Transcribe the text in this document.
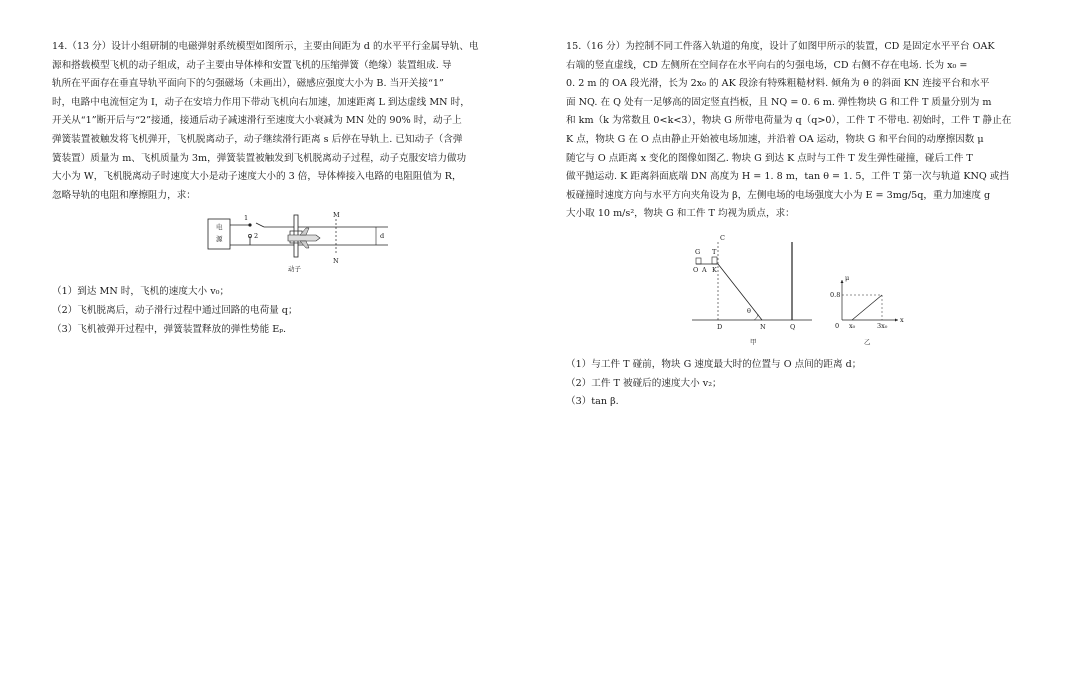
14.（13 分）设计小组研制的电磁弹射系统模型如图所示，主要由间距为 d 的水平平行金属导轨、电

源和搭载模型飞机的动子组成，动子主要由导体棒和安置飞机的压缩弹簧（绝缘）装置组成. 导

轨所在平面存在垂直导轨平面向下的匀强磁场（未画出），磁感应强度大小为 B. 当开关接“1”

时，电路中电流恒定为 I，动子在安培力作用下带动飞机向右加速，加速距离 L 到达虚线 MN 时，

开关从“1”断开后与“2”接通，接通后动子减速滑行至速度大小衰减为 MN 处的 90% 时，动子上

弹簧装置被触发将飞机弹开，飞机脱离动子，动子继续滑行距离 s 后停在导轨上. 已知动子（含弹

簧装置）质量为 m、飞机质量为 3m，弹簧装置被触发到飞机脱离动子过程，动子克服安培力做功

大小为 W，飞机脱离动子时速度大小是动子速度大小的 3 倍，导体棒接入电路的电阻阻值为 R，

忽略导轨的电阻和摩擦阻力，求：

电
源
1
2
M
N
d
动子

（1）到达 MN 时，飞机的速度大小 v₀；

（2）飞机脱离后，动子滑行过程中通过回路的电荷量 q；

（3）飞机被弹开过程中，弹簧装置释放的弹性势能 Eₚ.

15.（16 分）为控制不同工件落入轨道的角度，设计了如图甲所示的装置，CD 是固定水平平台 OAK

右端的竖直虚线，CD 左侧所在空间存在水平向右的匀强电场，CD 右侧不存在电场. 长为 x₀ =

0. 2 m 的 OA 段光滑，长为 2x₀ 的 AK 段涂有特殊粗糙材料. 倾角为 θ 的斜面 KN 连接平台和水平

面 NQ. 在 Q 处有一足够高的固定竖直挡板，且 NQ = 0. 6 m. 弹性物块 G 和工件 T 质量分别为 m

和 km（k 为常数且 0<k<3），物块 G 所带电荷量为 q（q>0），工件 T 不带电. 初始时，工件 T 静止在

K 点，物块 G 在 O 点由静止开始被电场加速，并沿着 OA 运动，物块 G 和平台间的动摩擦因数 μ

随它与 O 点距离 x 变化的图像如图乙. 物块 G 到达 K 点时与工件 T 发生弹性碰撞，碰后工件 T

做平抛运动. K 距离斜面底端 DN 高度为 H = 1. 8 m，tan θ = 1. 5，工件 T 第一次与轨道 KNQ 或挡

板碰撞时速度方向与水平方向夹角设为 β，左侧电场的电场强度大小为 E = 3mg/5q，重力加速度 g

大小取 10 m/s²，物块 G 和工件 T 均视为质点，求：

C
G T
O A K
D	N	Q
θ
甲
μ
x
0.8
0 x₀	3x₀
乙

（1）与工件 T 碰前，物块 G 速度最大时的位置与 O 点间的距离 d；

（2）工件 T 被碰后的速度大小 v₂；

（3）tan β.
